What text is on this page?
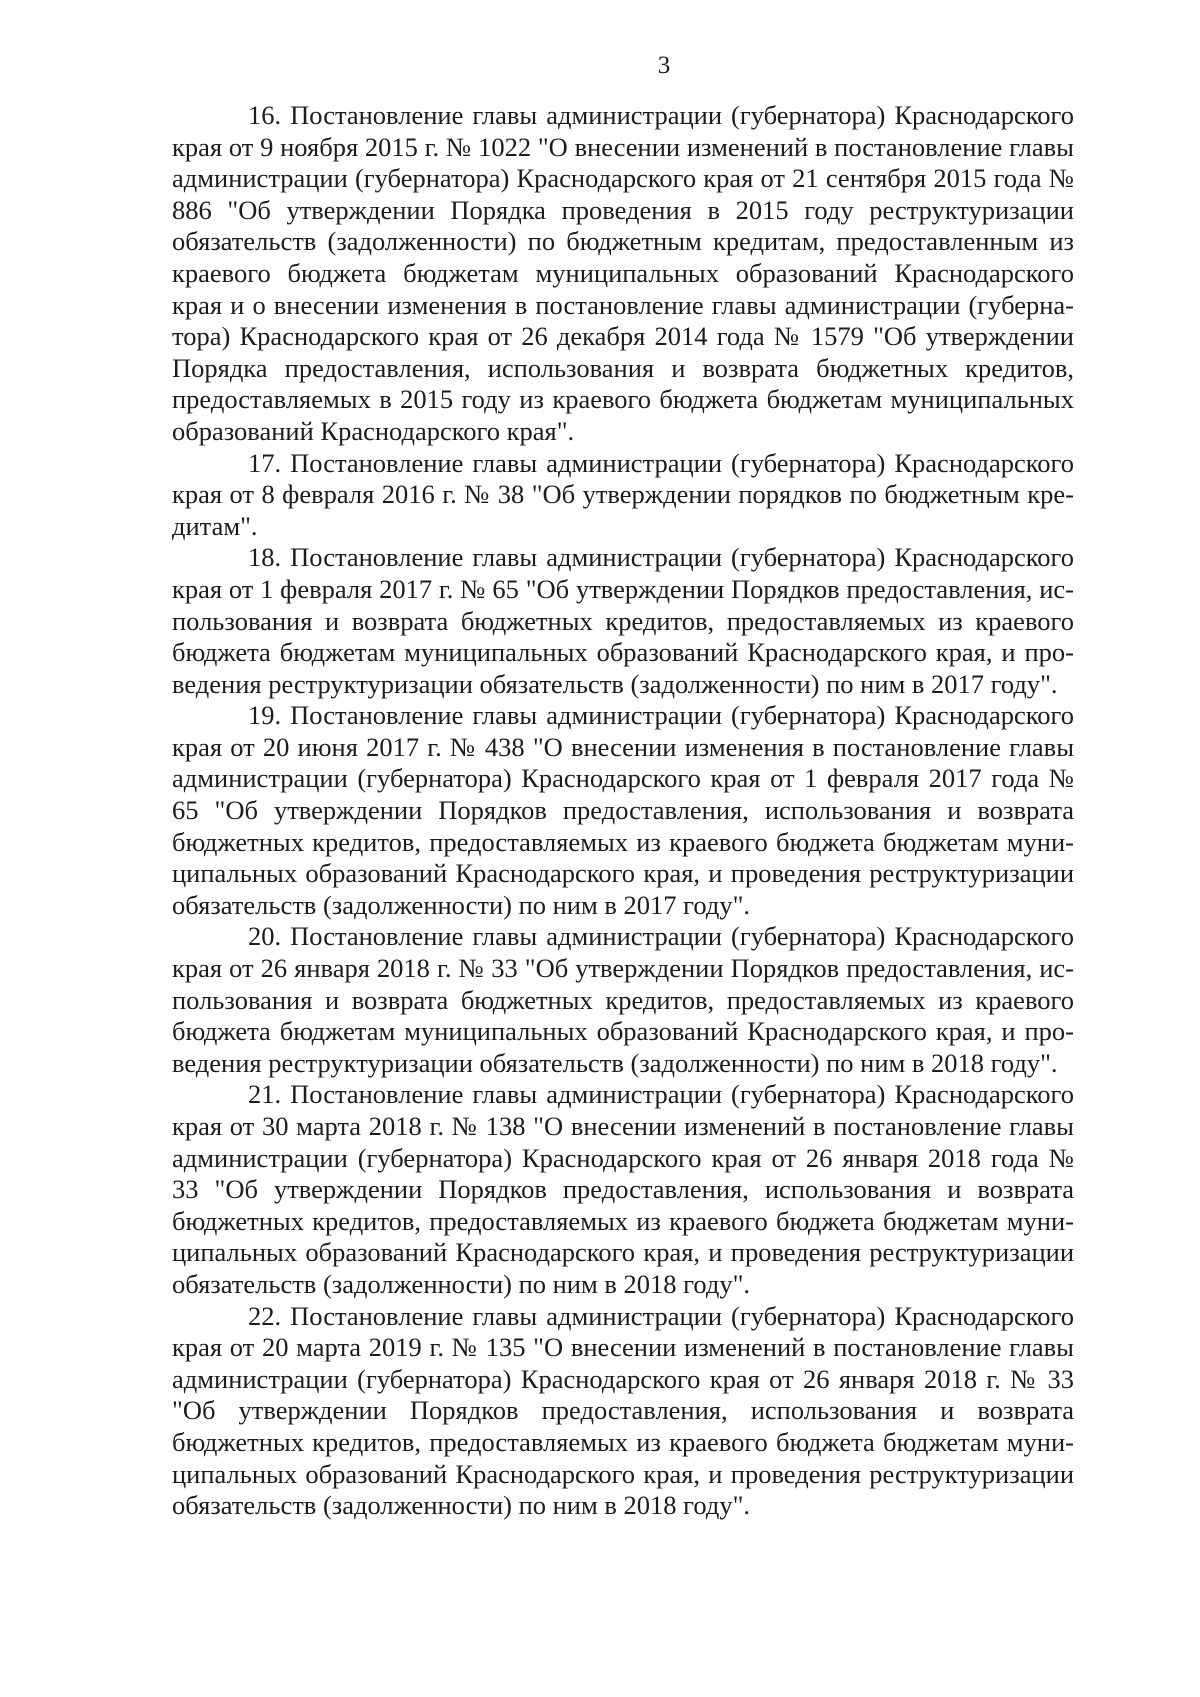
3

16. Постановление главы администрации (губернатора) Краснодарского края от 9 ноября 2015 г. № 1022 "О внесении изменений в постановление главы администрации (губернатора) Краснодарского края от 21 сентября 2015 года № 886 "Об утверждении Порядка проведения в 2015 году реструктуризации обязательств (задолженности) по бюджетным кредитам, предоставленным из краевого бюджета бюджетам муниципальных образований Краснодарского края и о внесении изменения в постановление главы администрации (губернатора) Краснодарского края от 26 декабря 2014 года № 1579 "Об утверждении Порядка предоставления, использования и возврата бюджетных кредитов, предоставляемых в 2015 году из краевого бюджета бюджетам муниципальных образований Краснодарского края".

17. Постановление главы администрации (губернатора) Краснодарского края от 8 февраля 2016 г. № 38 "Об утверждении порядков по бюджетным кредитам".

18. Постановление главы администрации (губернатора) Краснодарского края от 1 февраля 2017 г. № 65 "Об утверждении Порядков предоставления, использования и возврата бюджетных кредитов, предоставляемых из краевого бюджета бюджетам муниципальных образований Краснодарского края, и проведения реструктуризации обязательств (задолженности) по ним в 2017 году".

19. Постановление главы администрации (губернатора) Краснодарского края от 20 июня 2017 г. № 438 "О внесении изменения в постановление главы администрации (губернатора) Краснодарского края от 1 февраля 2017 года № 65 "Об утверждении Порядков предоставления, использования и возврата бюджетных кредитов, предоставляемых из краевого бюджета бюджетам муниципальных образований Краснодарского края, и проведения реструктуризации обязательств (задолженности) по ним в 2017 году".

20. Постановление главы администрации (губернатора) Краснодарского края от 26 января 2018 г. № 33 "Об утверждении Порядков предоставления, использования и возврата бюджетных кредитов, предоставляемых из краевого бюджета бюджетам муниципальных образований Краснодарского края, и проведения реструктуризации обязательств (задолженности) по ним в 2018 году".

21. Постановление главы администрации (губернатора) Краснодарского края от 30 марта 2018 г. № 138 "О внесении изменений в постановление главы администрации (губернатора) Краснодарского края от 26 января 2018 года № 33 "Об утверждении Порядков предоставления, использования и возврата бюджетных кредитов, предоставляемых из краевого бюджета бюджетам муниципальных образований Краснодарского края, и проведения реструктуризации обязательств (задолженности) по ним в 2018 году".

22. Постановление главы администрации (губернатора) Краснодарского края от 20 марта 2019 г. № 135 "О внесении изменений в постановление главы администрации (губернатора) Краснодарского края от 26 января 2018 г. № 33 "Об утверждении Порядков предоставления, использования и возврата бюджетных кредитов, предоставляемых из краевого бюджета бюджетам муниципальных образований Краснодарского края, и проведения реструктуризации обязательств (задолженности) по ним в 2018 году".
